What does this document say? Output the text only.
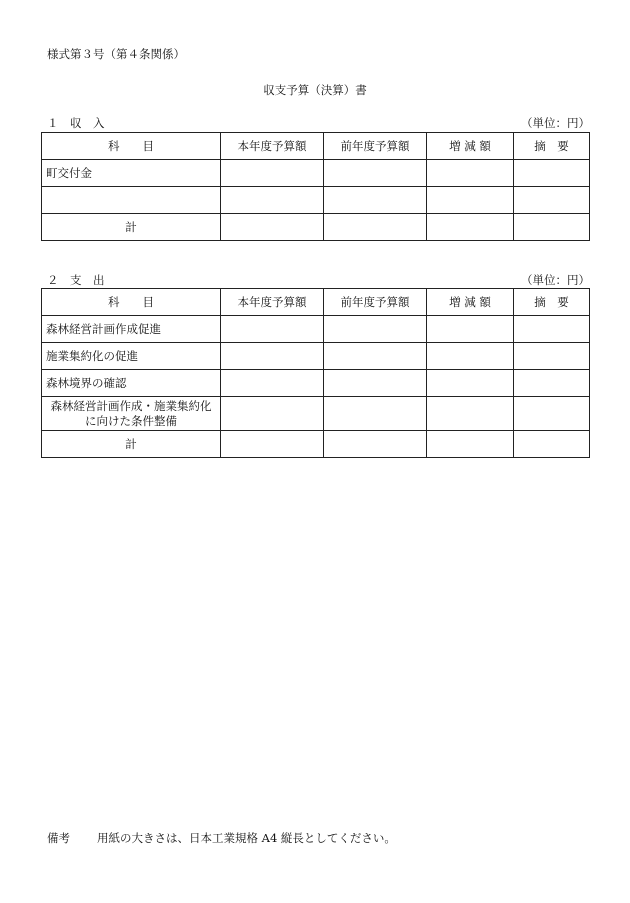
様式第３号（第４条関係）
収支予算（決算）書
１　収　入	（単位：円）
科　　目	本年度予算額	前年度予算額	増 減 額	摘　要
町交付金				

計				
２　支　出	（単位：円）
科　　目	本年度予算額	前年度予算額	増 減 額	摘　要
森林経営計画作成促進				
施業集約化の促進				
森林境界の確認				
森林経営計画作成・施業集約化に向けた条件整備				
計				
備考 用紙の大きさは、日本工業規格 A4 縦長としてください。
